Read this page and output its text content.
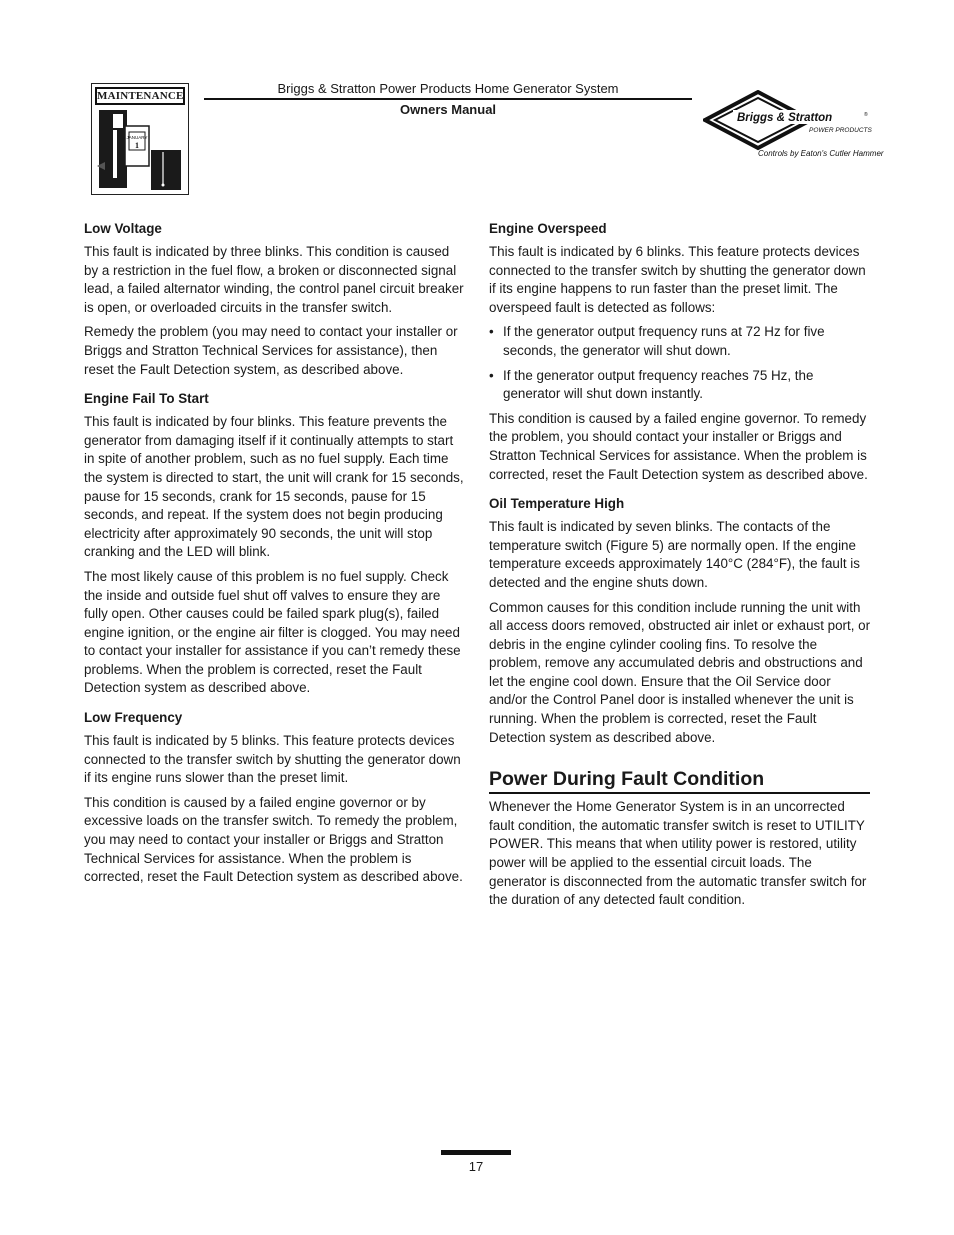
MAINTENANCE
JANUARY
1
Briggs & Stratton Power Products Home Generator System
Owners Manual
Briggs & Stratton	®
POWER PRODUCTS
Controls by Eaton's Cutler Hammer
Low Voltage

This fault is indicated by three blinks. This condition is caused by a restriction in the fuel flow, a broken or disconnected signal lead, a failed alternator winding, the control panel circuit breaker is open, or overloaded circuits in the transfer switch.

Remedy the problem (you may need to contact your installer or Briggs and Stratton Technical Services for assistance), then reset the Fault Detection system, as described above.

Engine Fail To Start

This fault is indicated by four blinks. This feature prevents the generator from damaging itself if it continually attempts to start in spite of another problem, such as no fuel supply. Each time the system is directed to start, the unit will crank for 15 seconds, pause for 15 seconds, crank for 15 seconds, pause for 15 seconds, and repeat. If the system does not begin producing electricity after approximately 90 seconds, the unit will stop cranking and the LED will blink.

The most likely cause of this problem is no fuel supply. Check the inside and outside fuel shut off valves to ensure they are fully open. Other causes could be failed spark plug(s), failed engine ignition, or the engine air filter is clogged. You may need to contact your installer for assistance if you can’t remedy these problems. When the problem is corrected, reset the Fault Detection system as described above.

Low Frequency

This fault is indicated by 5 blinks. This feature protects devices connected to the transfer switch by shutting the generator down if its engine runs slower than the preset limit.

This condition is caused by a failed engine governor or by excessive loads on the transfer switch. To remedy the problem, you may need to contact your installer or Briggs and Stratton Technical Services for assistance. When the problem is corrected, reset the Fault Detection system as described above.

Engine Overspeed

This fault is indicated by 6 blinks. This feature protects devices connected to the transfer switch by shutting the generator down if its engine happens to run faster than the preset limit. The overspeed fault is detected as follows:

• If the generator output frequency runs at 72 Hz for five seconds, the generator will shut down.
• If the generator output frequency reaches 75 Hz, the generator will shut down instantly.

This condition is caused by a failed engine governor. To remedy the problem, you should contact your installer or Briggs and Stratton Technical Services for assistance. When the problem is corrected, reset the Fault Detection system as described above.

Oil Temperature High

This fault is indicated by seven blinks. The contacts of the temperature switch (Figure 5) are normally open. If the engine temperature exceeds approximately 140°C (284°F), the fault is detected and the engine shuts down.

Common causes for this condition include running the unit with all access doors removed, obstructed air inlet or exhaust port, or debris in the engine cylinder cooling fins. To resolve the problem, remove any accumulated debris and obstructions and let the engine cool down. Ensure that the Oil Service door and/or the Control Panel door is installed whenever the unit is running. When the problem is corrected, reset the Fault Detection system as described above.

Power During Fault Condition

Whenever the Home Generator System is in an uncorrected fault condition, the automatic transfer switch is reset to UTILITY POWER. This means that when utility power is restored, utility power will be applied to the essential circuit loads. The generator is disconnected from the automatic transfer switch for the duration of any detected fault condition.

17
